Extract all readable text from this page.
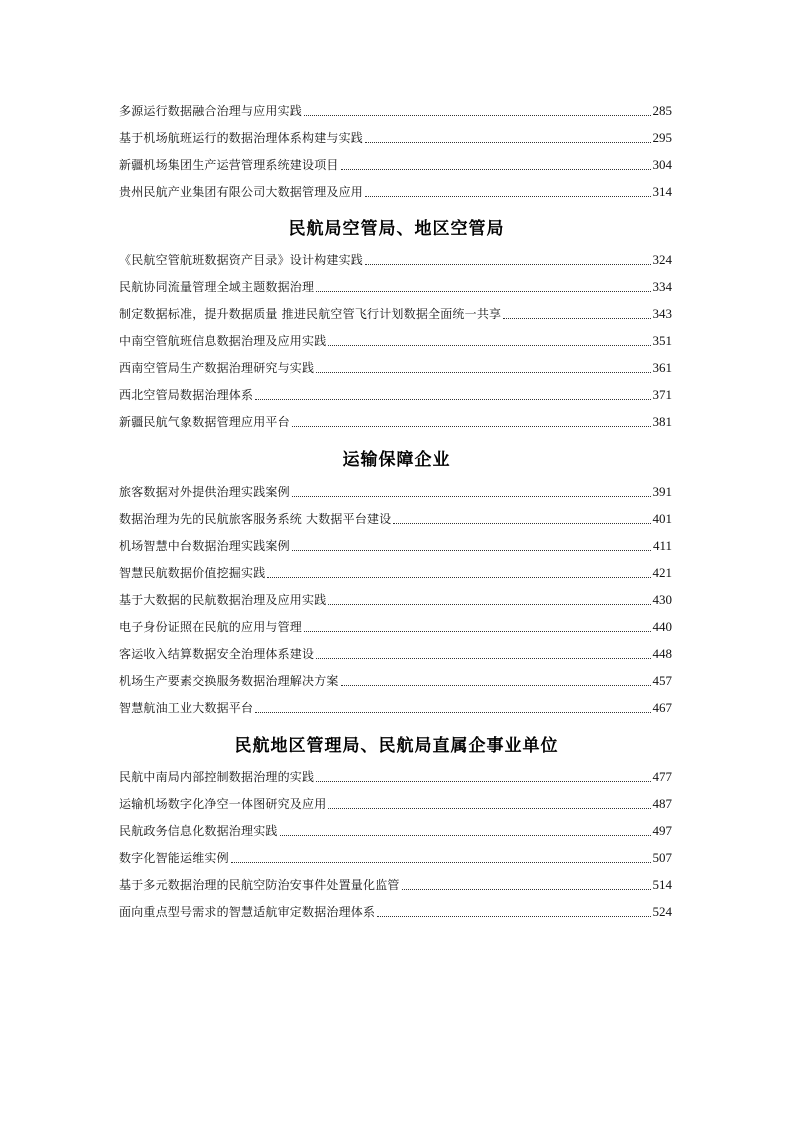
多源运行数据融合治理与应用实践	285
基于机场航班运行的数据治理体系构建与实践	295
新疆机场集团生产运营管理系统建设项目	304
贵州民航产业集团有限公司大数据管理及应用	314
民航局空管局、地区空管局
《民航空管航班数据资产目录》设计构建实践	324
民航协同流量管理全域主题数据治理	334
制定数据标准，提升数据质量 推进民航空管飞行计划数据全面统一共享	343
中南空管航班信息数据治理及应用实践	351
西南空管局生产数据治理研究与实践	361
西北空管局数据治理体系	371
新疆民航气象数据管理应用平台	381
运输保障企业
旅客数据对外提供治理实践案例	391
数据治理为先的民航旅客服务系统 大数据平台建设	401
机场智慧中台数据治理实践案例	411
智慧民航数据价值挖掘实践	421
基于大数据的民航数据治理及应用实践	430
电子身份证照在民航的应用与管理	440
客运收入结算数据安全治理体系建设	448
机场生产要素交换服务数据治理解决方案	457
智慧航油工业大数据平台	467
民航地区管理局、民航局直属企事业单位
民航中南局内部控制数据治理的实践	477
运输机场数字化净空一体图研究及应用	487
民航政务信息化数据治理实践	497
数字化智能运维实例	507
基于多元数据治理的民航空防治安事件处置量化监管	514
面向重点型号需求的智慧适航审定数据治理体系	524
